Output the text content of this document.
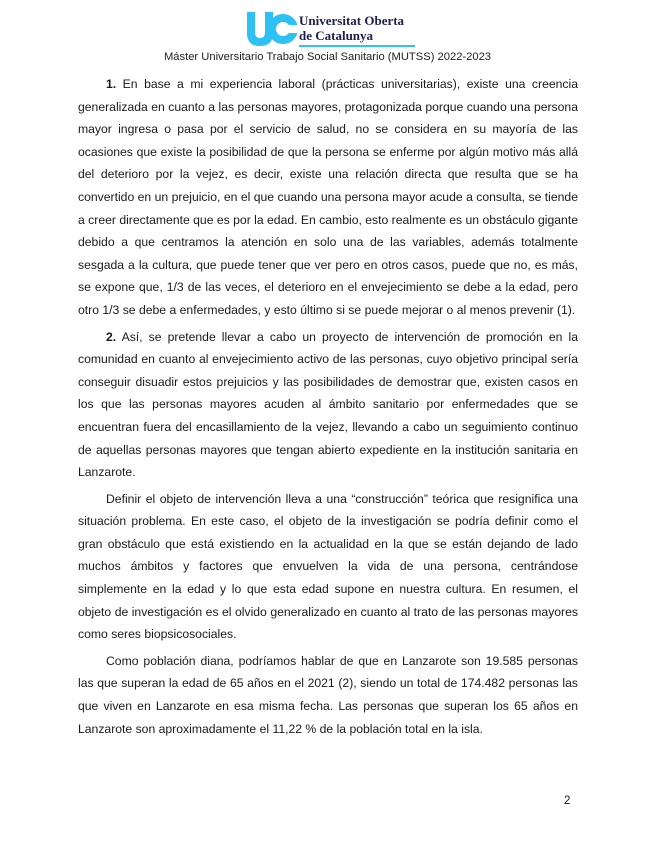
Universitat Oberta
de Catalunya
Máster Universitario Trabajo Social Sanitario (MUTSS) 2022-2023

1. En base a mi experiencia laboral (prácticas universitarias), existe una creencia generalizada en cuanto a las personas mayores, protagonizada porque cuando una persona mayor ingresa o pasa por el servicio de salud, no se considera en su mayoría de las ocasiones que existe la posibilidad de que la persona se enferme por algún motivo más allá del deterioro por la vejez, es decir, existe una relación directa que resulta que se ha convertido en un prejuicio, en el que cuando una persona mayor acude a consulta, se tiende a creer directamente que es por la edad. En cambio, esto realmente es un obstáculo gigante debido a que centramos la atención en solo una de las variables, además totalmente sesgada a la cultura, que puede tener que ver pero en otros casos, puede que no, es más, se expone que, 1/3 de las veces, el deterioro en el envejecimiento se debe a la edad, pero otro 1/3 se debe a enfermedades, y esto último si se puede mejorar o al menos prevenir (1).

2. Así, se pretende llevar a cabo un proyecto de intervención de promoción en la comunidad en cuanto al envejecimiento activo de las personas, cuyo objetivo principal sería conseguir disuadir estos prejuicios y las posibilidades de demostrar que, existen casos en los que las personas mayores acuden al ámbito sanitario por enfermedades que se encuentran fuera del encasillamiento de la vejez, llevando a cabo un seguimiento continuo de aquellas personas mayores que tengan abierto expediente en la institución sanitaria en Lanzarote.

Definir el objeto de intervención lleva a una “construcción” teórica que resignifica una situación problema. En este caso, el objeto de la investigación se podría definir como el gran obstáculo que está existiendo en la actualidad en la que se están dejando de lado muchos ámbitos y factores que envuelven la vida de una persona, centrándose simplemente en la edad y lo que esta edad supone en nuestra cultura. En resumen, el objeto de investigación es el olvido generalizado en cuanto al trato de las personas mayores como seres biopsicosociales.

Como población diana, podríamos hablar de que en Lanzarote son 19.585 personas las que superan la edad de 65 años en el 2021 (2), siendo un total de 174.482 personas las que viven en Lanzarote en esa misma fecha. Las personas que superan los 65 años en Lanzarote son aproximadamente el 11,22 % de la población total en la isla.

2
